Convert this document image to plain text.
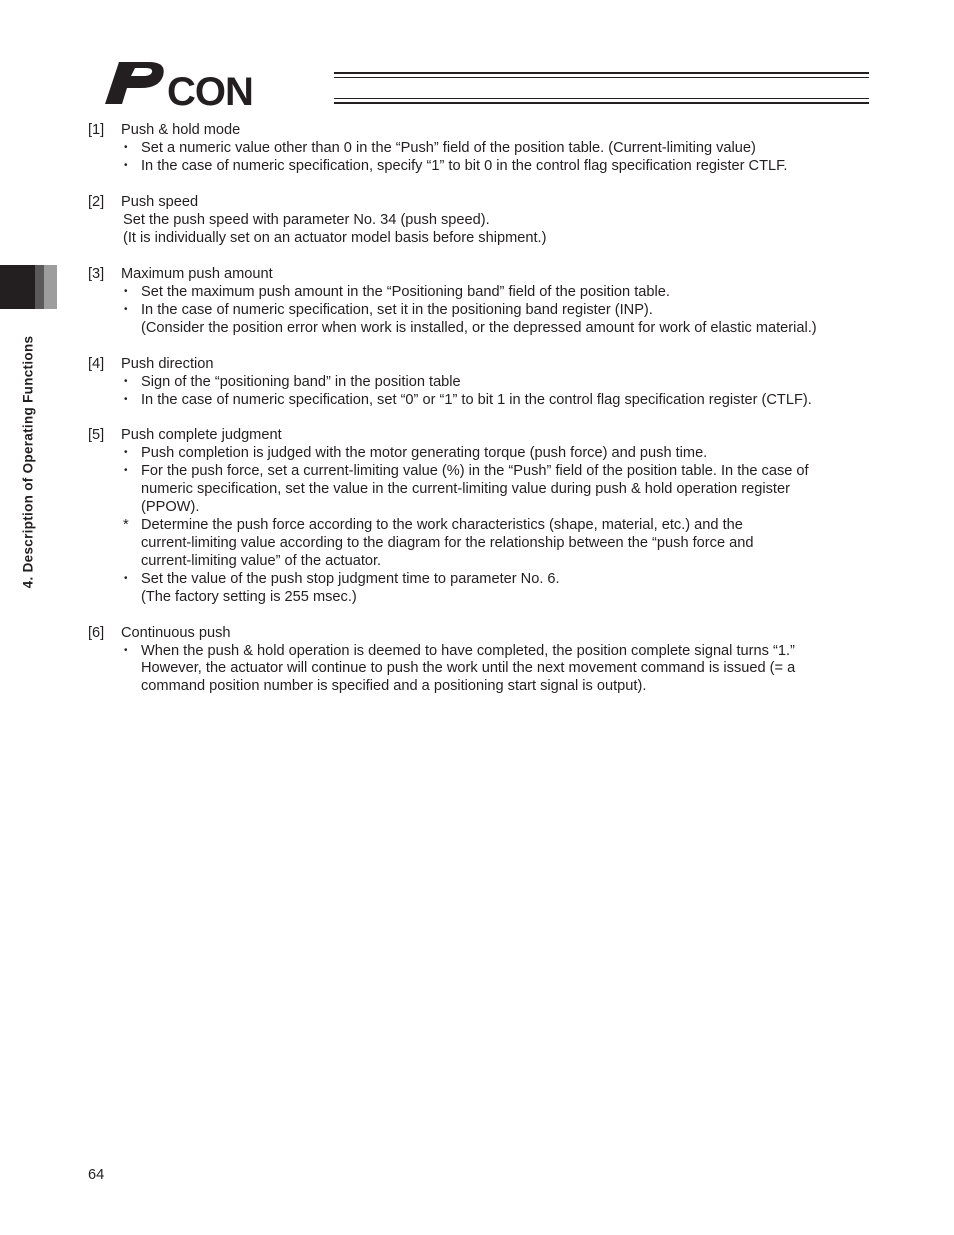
CON
4. Description of Operating Functions
[1] Push & hold mode
• Set a numeric value other than 0 in the “Push” field of the position table. (Current-limiting value)
• In the case of numeric specification, specify “1” to bit 0 in the control flag specification register CTLF.
[2] Push speed
Set the push speed with parameter No. 34 (push speed).
(It is individually set on an actuator model basis before shipment.)
[3] Maximum push amount
• Set the maximum push amount in the “Positioning band” field of the position table.
• In the case of numeric specification, set it in the positioning band register (INP).
(Consider the position error when work is installed, or the depressed amount for work of elastic material.)
[4] Push direction
• Sign of the “positioning band” in the position table
• In the case of numeric specification, set “0” or “1” to bit 1 in the control flag specification register (CTLF).
[5] Push complete judgment
• Push completion is judged with the motor generating torque (push force) and push time.
• For the push force, set a current-limiting value (%) in the “Push” field of the position table. In the case of
numeric specification, set the value in the current-limiting value during push & hold operation register
(PPOW).
* Determine the push force according to the work characteristics (shape, material, etc.) and the
current-limiting value according to the diagram for the relationship between the “push force and
current-limiting value” of the actuator.
• Set the value of the push stop judgment time to parameter No. 6.
(The factory setting is 255 msec.)
[6] Continuous push
• When the push & hold operation is deemed to have completed, the position complete signal turns “1.”
However, the actuator will continue to push the work until the next movement command is issued (= a
command position number is specified and a positioning start signal is output).
64
